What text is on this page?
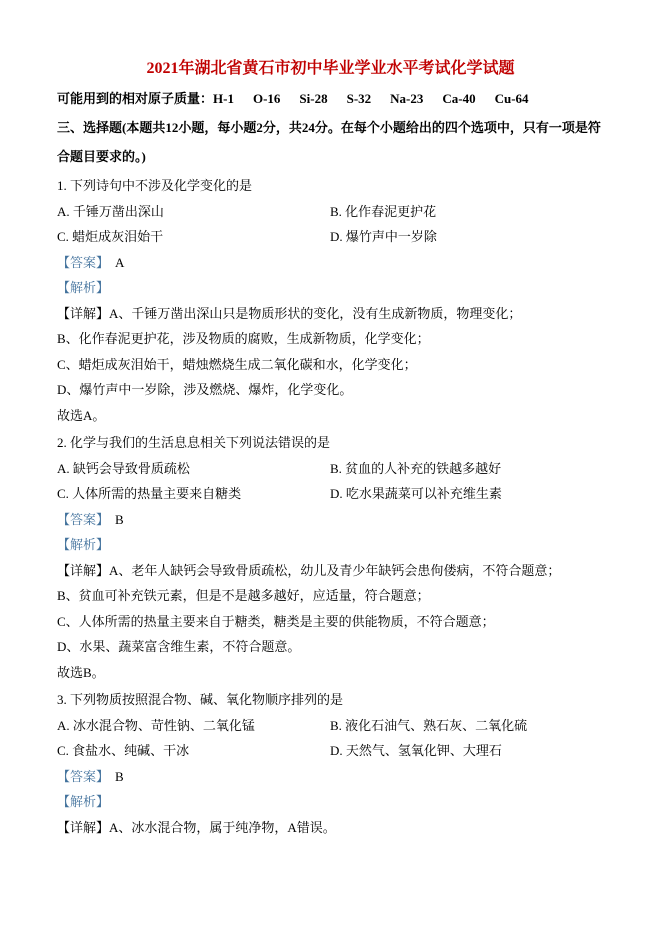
2021年湖北省黄石市初中毕业学业水平考试化学试题

可能用到的相对原子质量：H-1 O-16 Si-28 S-32 Na-23 Ca-40 Cu-64

三、选择题(本题共12小题，每小题2分，共24分。在每个小题给出的四个选项中，只有一项是符合题目要求的。)

1. 下列诗句中不涉及化学变化的是

A. 千锤万凿出深山	B. 化作春泥更护花

C. 蜡炬成灰泪始干	D. 爆竹声中一岁除

【答案】 A

【解析】

【详解】A、千锤万凿出深山只是物质形状的变化，没有生成新物质，物理变化；

B、化作春泥更护花，涉及物质的腐败，生成新物质，化学变化；

C、蜡炬成灰泪始干，蜡烛燃烧生成二氧化碳和水，化学变化；

D、爆竹声中一岁除，涉及燃烧、爆炸，化学变化。

故选A。

2. 化学与我们的生活息息相关下列说法错误的是

A. 缺钙会导致骨质疏松	B. 贫血的人补充的铁越多越好

C. 人体所需的热量主要来自糖类	D. 吃水果蔬菜可以补充维生素

【答案】 B

【解析】

【详解】A、老年人缺钙会导致骨质疏松，幼儿及青少年缺钙会患佝偻病，不符合题意；

B、贫血可补充铁元素，但是不是越多越好，应适量，符合题意；

C、人体所需的热量主要来自于糖类，糖类是主要的供能物质，不符合题意；

D、水果、蔬菜富含维生素，不符合题意。

故选B。

3. 下列物质按照混合物、碱、氧化物顺序排列的是

A. 冰水混合物、苛性钠、二氧化锰	B. 液化石油气、熟石灰、二氧化硫

C. 食盐水、纯碱、干冰	D. 天然气、氢氧化钾、大理石

【答案】 B

【解析】

【详解】A、冰水混合物，属于纯净物，A错误。
